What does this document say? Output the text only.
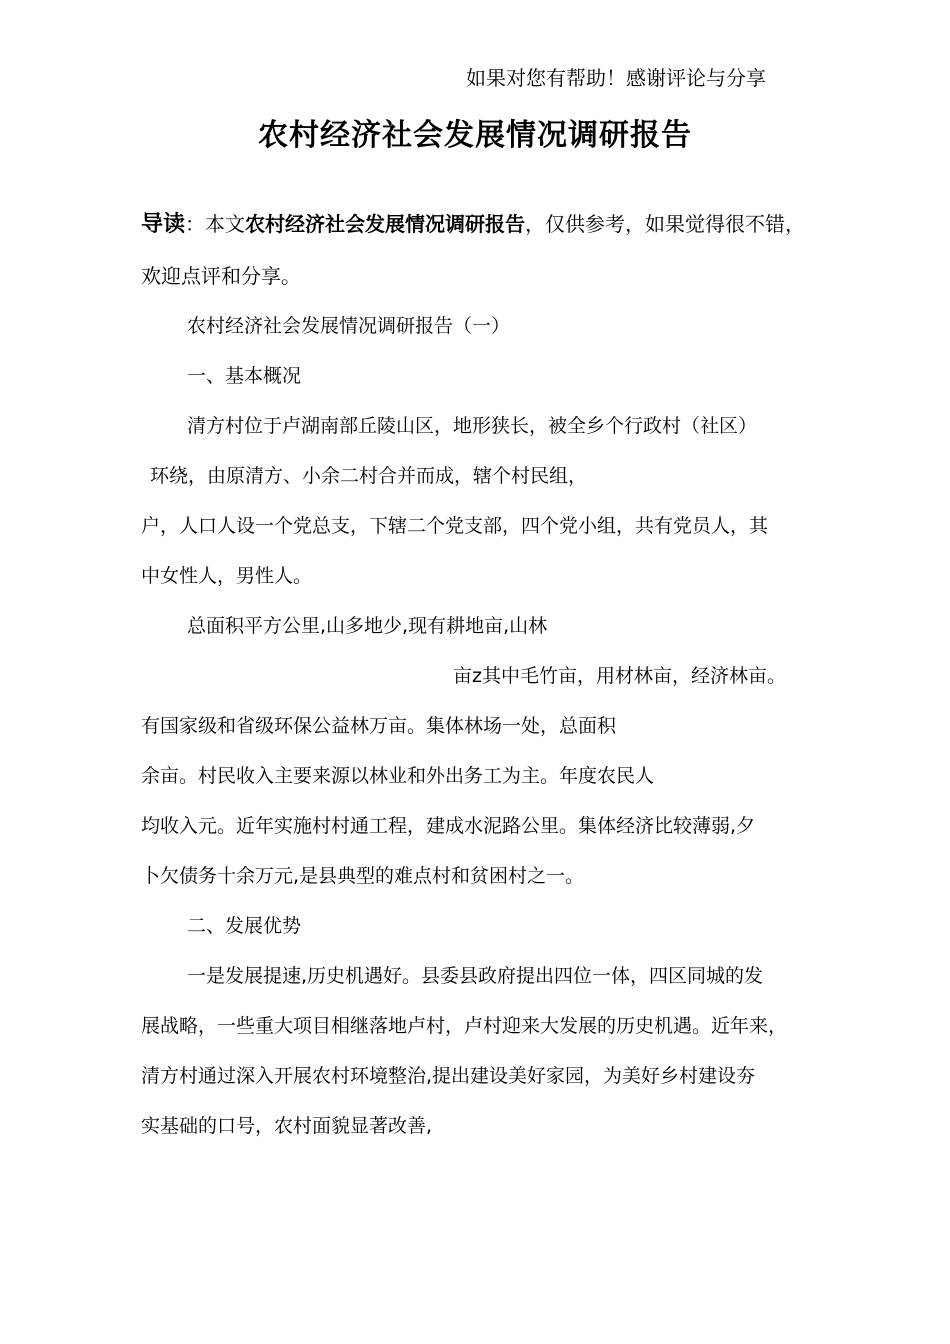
如果对您有帮助！感谢评论与分享
农村经济社会发展情况调研报告
导读：本文农村经济社会发展情况调研报告，仅供参考，如果觉得很不错，
欢迎点评和分享。
农村经济社会发展情况调研报告（一）
一、基本概况
清方村位于卢湖南部丘陵山区，地形狭长，被全乡个行政村（社区）
环绕，由原清方、小余二村合并而成，辖个村民组，
户，人口人设一个党总支，下辖二个党支部，四个党小组，共有党员人，其
中女性人，男性人。
总面积平方公里,山多地少,现有耕地亩,山林
亩z其中毛竹亩，用材林亩，经济林亩。
有国家级和省级环保公益林万亩。集体林场一处，总面积
余亩。村民收入主要来源以林业和外出务工为主。年度农民人
均收入元。近年实施村村通工程，建成水泥路公里。集体经济比较薄弱,夕
卜欠债务十余万元,是县典型的难点村和贫困村之一。
二、发展优势
一是发展提速,历史机遇好。县委县政府提出四位一体，四区同城的发
展战略，一些重大项目相继落地卢村，卢村迎来大发展的历史机遇。近年来，
清方村通过深入开展农村环境整治,提出建设美好家园，为美好乡村建设夯
实基础的口号，农村面貌显著改善,
